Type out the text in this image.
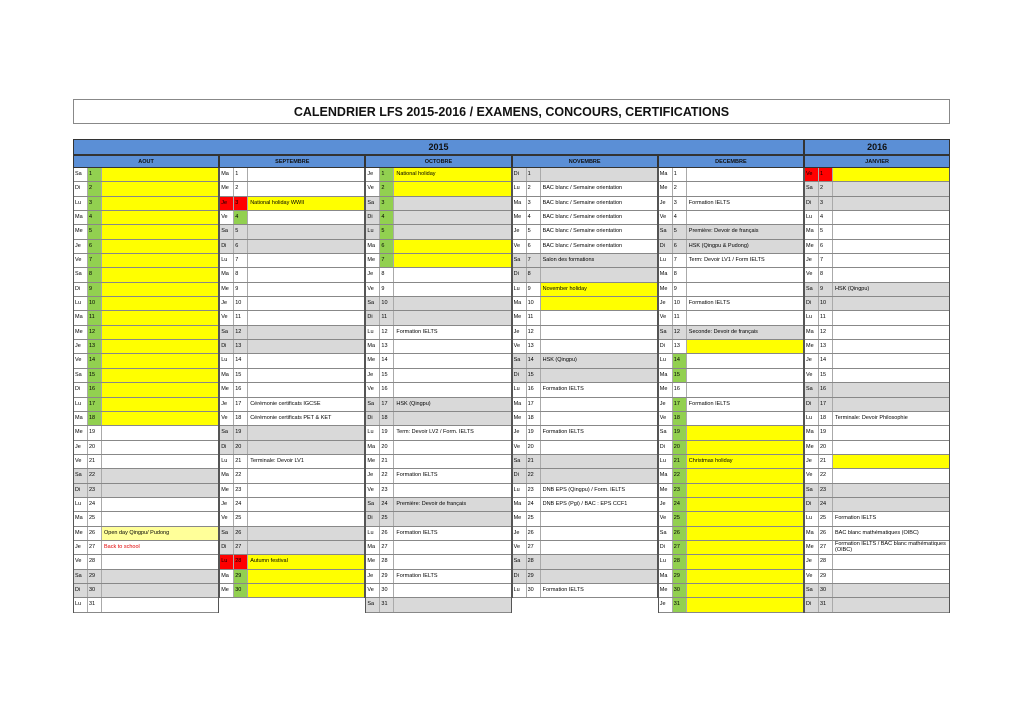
CALENDRIER LFS 2015-2016 / EXAMENS, CONCOURS, CERTIFICATIONS
2015	2016
AOUT
Sa	1
Di	2
Lu	3
Ma	4
Me	5
Je	6
Ve	7
Sa	8
Di	9
Lu	10
Ma	11
Me	12
Je	13
Ve	14
Sa	15
Di	16
Lu	17
Ma	18
Me	19
Je	20
Ve	21
Sa	22
Di	23
Lu	24
Ma	25
Me	26	Open day Qingpu/ Pudong
Je	27	Back to school
Ve	28
Sa	29
Di	30
Lu	31
SEPTEMBRE
Ma	1
Me	2
Je	3	National holiday WWII
Ve	4
Sa	5
Di	6
Lu	7
Ma	8
Me	9
Je	10
Ve	11
Sa	12
Di	13
Lu	14
Ma	15
Me	16
Je	17	Cérémonie certificats IGCSE
Ve	18	Cérémonie certificats PET & KET
Sa	19
Di	20
Lu	21	Terminale: Devoir LV1
Ma	22
Me	23
Je	24
Ve	25
Sa	26
Di	27
Lu	28	Autumn festival
Ma	29
Me	30
OCTOBRE
Je	1	National holiday
Ve	2
Sa	3
Di	4
Lu	5
Ma	6
Me	7
Je	8
Ve	9
Sa	10
Di	11
Lu	12	Formation IELTS
Ma	13
Me	14
Je	15
Ve	16
Sa	17	HSK (Qingpu)
Di	18
Lu	19	Term: Devoir LV2 / Form. IELTS
Ma	20
Me	21
Je	22	Formation IELTS
Ve	23
Sa	24	Première: Devoir de français
Di	25
Lu	26	Formation IELTS
Ma	27
Me	28
Je	29	Formation IELTS
Ve	30
Sa	31
NOVEMBRE
Di	1
Lu	2	BAC blanc / Semaine orientation
Ma	3	BAC blanc / Semaine orientation
Me	4	BAC blanc / Semaine orientation
Je	5	BAC blanc / Semaine orientation
Ve	6	BAC blanc / Semaine orientation
Sa	7	Salon des formations
Di	8
Lu	9	November holiday
Ma	10
Me	11
Je	12
Ve	13
Sa	14	HSK (Qingpu)
Di	15
Lu	16	Formation IELTS
Ma	17
Me	18
Je	19	Formation IELTS
Ve	20
Sa	21
Di	22
Lu	23	DNB EPS (Qingpu) / Form. IELTS
Ma	24	DNB EPS (Pgi) / BAC : EPS CCF1
Me	25
Je	26
Ve	27
Sa	28
Di	29
Lu	30	Formation IELTS
DECEMBRE
Ma	1
Me	2
Je	3	Formation IELTS
Ve	4
Sa	5	Première: Devoir de français
Di	6	HSK (Qingpu & Pudong)
Lu	7	Term: Devoir LV1 / Form IELTS
Ma	8
Me	9
Je	10	Formation IELTS
Ve	11
Sa	12	Seconde: Devoir de français
Di	13
Lu	14
Ma	15
Me	16
Je	17	Formation IELTS
Ve	18
Sa	19
Di	20
Lu	21	Christmas holiday
Ma	22
Me	23
Je	24
Ve	25
Sa	26
Di	27
Lu	28
Ma	29
Me	30
Je	31
JANVIER
Ve	1
Sa	2
Di	3
Lu	4
Ma	5
Me	6
Je	7
Ve	8
Sa	9	HSK (Qingpu)
Di	10
Lu	11
Ma	12
Me	13
Je	14
Ve	15
Sa	16
Di	17
Lu	18	Terminale: Devoir Philosophie
Ma	19
Me	20
Je	21
Ve	22
Sa	23
Di	24
Lu	25	Formation IELTS
Ma	26	BAC blanc mathématiques (OIBC)
Me	27	Formation IELTS / BAC blanc mathématiques (OIBC)
Je	28
Ve	29
Sa	30
Di	31
